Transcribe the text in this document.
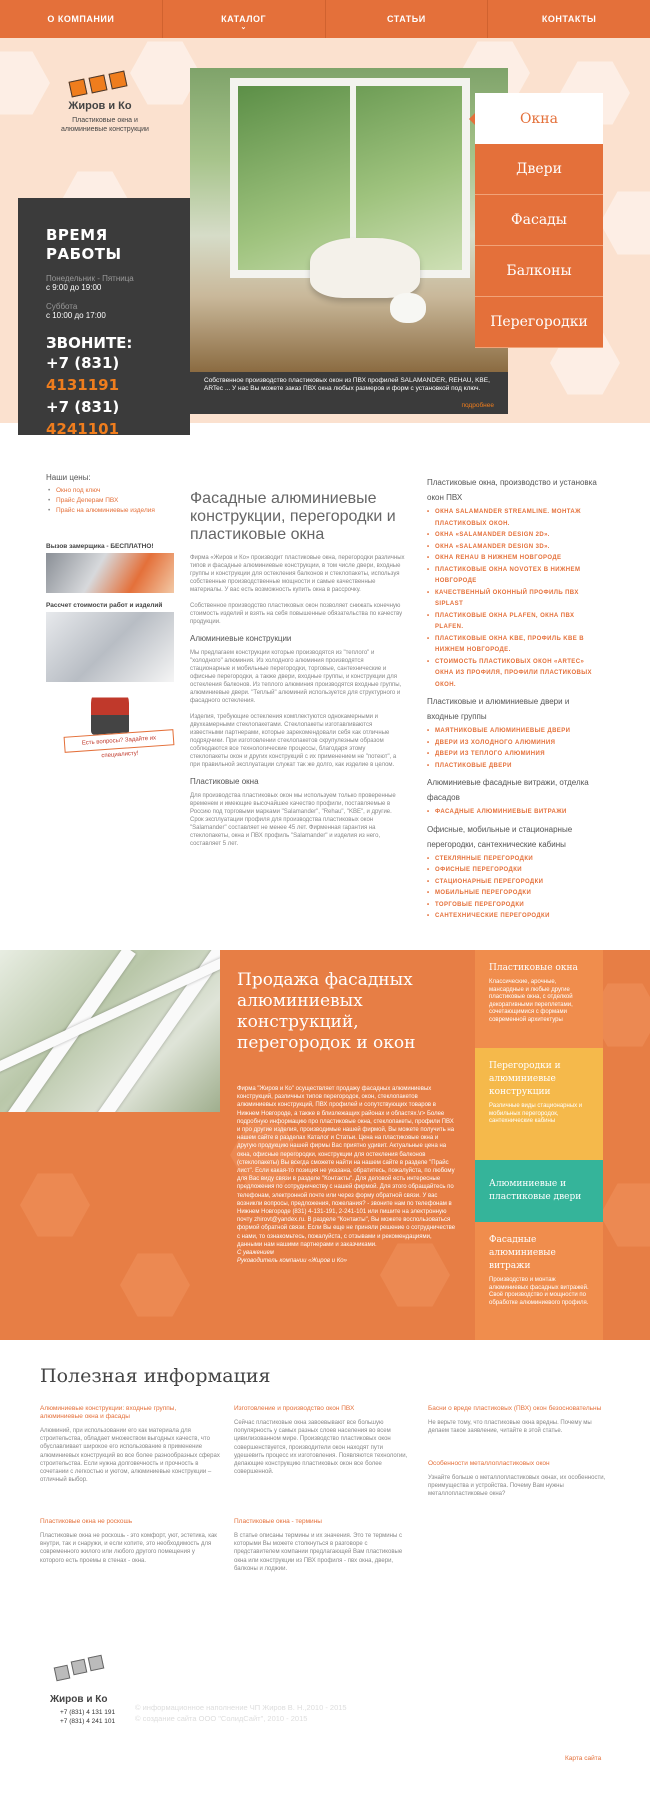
О КОМПАНИИ	КАТАЛОГ
⌄
СТАТЬИ	КОНТАКТЫ
Жиров и Ко
Пластиковые окна и алюминиевые конструкции
ВРЕМЯ
РАБОТЫ
Понедельник - Пятница
с 9:00 до 19:00
Суббота
с 10:00 до 17:00
ЗВОНИТЕ:
+7 (831) 4131191
+7 (831) 4241101
Собственное производство пластиковых окон из ПВХ профилей SALAMANDER, REHAU, KBE, ARTec ... У нас Вы можете заказ ПВХ окна любых размеров и форм с установкой под ключ.
подробнее
Окна
Двери
Фасады
Балконы
Перегородки
Наши цены:
• Окно под ключ
• Прайс Деперам ПВХ
• Прайс на алюминиевые изделия
Вызов замерщика - БЕСПЛАТНО!
Рассчет стоимости работ и изделий
Есть вопросы? Задайте их специалисту!
Фасадные алюминиевые конструкции, перегородки и пластиковые окна

Фирма «Жиров и Ко» производит пластиковые окна, перегородки различных типов и фасадные алюминиевые конструкции, в том числе двери, входные группы и конструкции для остекления балконов и стеклопакеты, используя собственные производственные мощности и самые качественные материалы. У вас есть возможность купить окна в рассрочку.

Собственное производство пластиковых окон позволяет снижать конечную стоимость изделий и взять на себя повышенные обязательства по качеству продукции.

Алюминиевые конструкции

Мы предлагаем конструкции которые производятся из "теплого" и "холодного" алюминия. Из холодного алюминия производятся стационарные и мобильные перегородки, торговые, сантехнические и офисные перегородки, а также двери, входные группы, и конструкции для остекления балконов. Из теплого алюминия производятся входные группы, алюминиевые двери. "Теплый" алюминий используется для структурного и фасадного остекления.

Изделия, требующие остекления комплектуются однокамерными и двухкамерными стеклопакетами. Стеклопакеты изготавливаются известными партнерами, которые зарекомендовали себя как отличные подрядчики. При изготовлении стеклопакетов скрупулезным образом соблюдаются все технологические процессы, благодаря этому стеклопакеты окон и других конструкций с их применением не "потеют", а при правильной эксплуатации служат так же долго, как изделие в целом.

Пластиковые окна

Для производства пластиковых окон мы используем только проверенные временем и имеющие высочайшее качество профили, поставляемые в Россию под торговыми марками "Salamander", "Rehau", "KBE", и другие. Срок эксплуатации профиля для производства пластиковых окон "Salamander" составляет не менее 45 лет. Фирменная гарантия на стеклопакеты, окна и ПВХ профиль "Salamander" и изделия из него, составляет 5 лет.

Пластиковые окна, производство и установка окон ПВХ
• ОКНА SALAMANDER STREAMLINE. МОНТАЖ ПЛАСТИКОВЫХ ОКОН.
• ОКНА «SALAMANDER DESIGN 2D».
• ОКНА «SALAMANDER DESIGN 3D».
• ОКНА REHAU В НИЖНЕМ НОВГОРОДЕ
• ПЛАСТИКОВЫЕ ОКНА NOVOTEX В НИЖНЕМ НОВГОРОДЕ
• КАЧЕСТВЕННЫЙ ОКОННЫЙ ПРОФИЛЬ ПВХ SIPLAST
• ПЛАСТИКОВЫЕ ОКНА PLAFEN, ОКНА ПВХ PLAFEN.
• ПЛАСТИКОВЫЕ ОКНА KBE, ПРОФИЛЬ KBE В НИЖНЕМ НОВГОРОДЕ.
• СТОИМОСТЬ ПЛАСТИКОВЫХ ОКОН «ARTEC» ОКНА ИЗ ПРОФИЛЯ, ПРОФИЛИ ПЛАСТИКОВЫХ ОКОН.
Пластиковые и алюминиевые двери и входные группы
• МАЯТНИКОВЫЕ АЛЮМИНИЕВЫЕ ДВЕРИ
• ДВЕРИ ИЗ ХОЛОДНОГО АЛЮМИНИЯ
• ДВЕРИ ИЗ ТЕПЛОГО АЛЮМИНИЯ
• ПЛАСТИКОВЫЕ ДВЕРИ
Алюминиевые фасадные витражи, отделка фасадов
• ФАСАДНЫЕ АЛЮМИНИЕВЫЕ ВИТРАЖИ
Офисные, мобильные и стационарные перегородки, сантехнические кабины
• СТЕКЛЯННЫЕ ПЕРЕГОРОДКИ
• ОФИСНЫЕ ПЕРЕГОРОДКИ
• СТАЦИОНАРНЫЕ ПЕРЕГОРОДКИ
• МОБИЛЬНЫЕ ПЕРЕГОРОДКИ
• ТОРГОВЫЕ ПЕРЕГОРОДКИ
• САНТЕХНИЧЕСКИЕ ПЕРЕГОРОДКИ
Продажа фасадных алюминиевых конструкций, перегородок и окон
Фирма "Жиров и Ко" осуществляет продажу фасадных алюминиевых конструкций, различных типов перегородок, окон, стеклопакетов алюминиевых конструкций, ПВХ профилей и сопутствующих товаров в Нижнем Новгороде, а также в близлежащих районах и областях.\r> Более подробную информацию про пластиковые окна, стеклопакеты, профили ПВХ и про другие изделия, производимые нашей фирмой, Вы можете получить на нашем сайте в разделах Каталог и Статьи. Цена на пластиковые окна и другую продукцию нашей фирмы Вас приятно удивит. Актуальные цена на окна, офисные перегородки, конструкции для остекления балконов (стеклопакеты) Вы всегда сможете найти на нашем сайте в разделе "Прайс лист". Если какая-то позиция не указана, обратитесь, пожалуйста, по любому для Вас виду связи в разделе "Контакты". Для деловой есть интересные предложения по сотрудничеству с нашей фирмой. Для этого обращайтесь по телефонам, электронной почте или через форму обратной связи. У вас возникли вопросы, предложения, пожелания? - звоните нам по телефонам в Нижнем Новгороде (831) 4-131-191, 2-241-101 или пишите на электронную почту zhirovt@yandex.ru. В разделе "Контакты", Вы можете воспользоваться формой обратной связи. Если Вы еще не приняли решение о сотрудничестве с нами, то ознакомьтесь, пожалуйста, с отзывами и рекомендациями, данными нам нашими партнерами и заказчиками.
С уважением
Руководитель компании «Жиров и Ко»
Пластиковые окна
Классические, арочные, мансардные и любые другие пластиковые окна, с отделкой декоративными переплетами, сочетающимися с формами современной архитектуры
Перегородки и алюминиевые конструкции
Различные виды стационарных и мобильных перегородок, сантехнические кабины
Алюминиевые и пластиковые двери
Фасадные алюминиевые витражи
Производство и монтаж алюминиевых фасадных витражей. Своё производство и мощности по обработке алюминиевого профиля.
Полезная информация
Алюминиевые конструкции: входные группы, алюминиевые окна и фасады
Алюминий, при использовании его как материала для строительства, обладает множеством выгодных качеств, что обуславливает широкое его использование в применение алюминиевых конструкций во все более разнообразных сферах строительства. Если нужна долговечность и прочность в сочетании с легкостью и уютом, алюминиевые конструкции – отличный выбор.
Изготовление и производство окон ПВХ
Сейчас пластиковые окна завоевывают все большую популярность у самых разных слоев населения во всем цивилизованном мире. Производство пластиковых окон совершенствуется, производители окон находят пути удешевить процесс их изготовления. Появляются технологии, делающие конструкцию пластиковых окон все более совершенной.
Басни о вреде пластиковых (ПВХ) окон безосновательны
Не верьте тому, что пластиковые окна вредны. Почему мы делаем такое заявление, читайте в этой статье.
Особенности металлопластиковых окон
Узнайте больше о металлопластиковых окнах, их особенности, преимущества и устройства. Почему Вам нужны металлопластиковые окна?
Пластиковые окна не роскошь
Пластиковые окна не роскошь - это комфорт, уют, эстетика, как внутри, так и снаружи, и если копите, это необходимость для современного жилого или любого другого помещения у которого есть проемы в стенах - окна.
Пластиковые окна - термины
В статье описаны термины и их значения. Это те термины с которыми Вы можете столкнуться в разговоре с представителем компании предлагающей Вам пластиковые окна или конструкции из ПВХ профиля - пвх окна, двери, балконы и лоджии.
Жиров и Ко
+7 (831) 4 131 191
+7 (831) 4 241 101
© информационное наполнение ЧП Жиров В. Н.,2010 - 2015
© создание сайта ООО "СолидСайт", 2010 - 2015
Карта сайта
